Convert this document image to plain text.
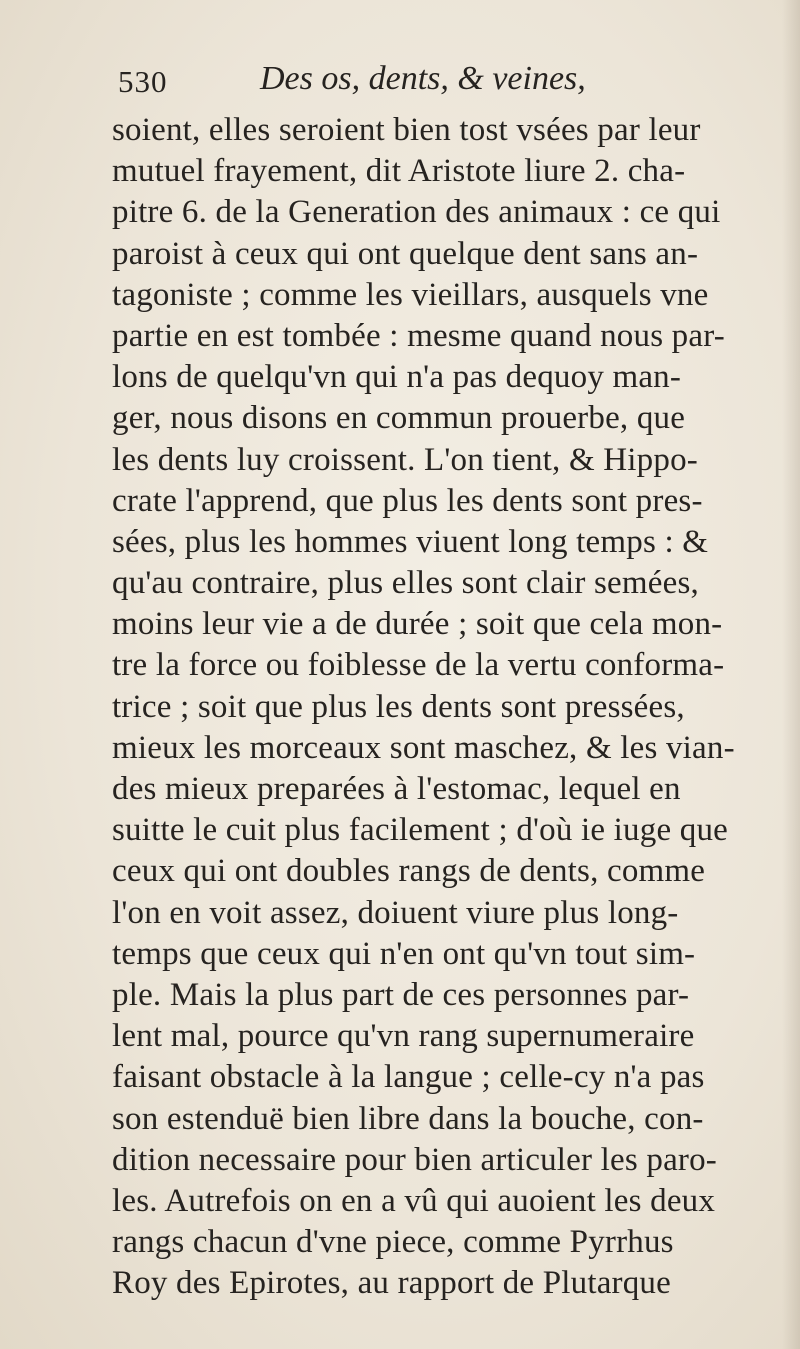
530	Des os, dents, & veines,
soient, elles seroient bien tost vsées par leur
mutuel frayement, dit Aristote liure 2. cha-
pitre 6. de la Generation des animaux : ce qui
paroist à ceux qui ont quelque dent sans an-
tagoniste ; comme les vieillars, ausquels vne
partie en est tombée : mesme quand nous par-
lons de quelqu'vn qui n'a pas dequoy man-
ger, nous disons en commun prouerbe, que
les dents luy croissent. L'on tient, & Hippo-
crate l'apprend, que plus les dents sont pres-
sées, plus les hommes viuent long temps : &
qu'au contraire, plus elles sont clair semées,
moins leur vie a de durée ; soit que cela mon-
tre la force ou foiblesse de la vertu conforma-
trice ; soit que plus les dents sont pressées,
mieux les morceaux sont maschez, & les vian-
des mieux preparées à l'estomac, lequel en
suitte le cuit plus facilement ; d'où ie iuge que
ceux qui ont doubles rangs de dents, comme
l'on en voit assez, doiuent viure plus long-
temps que ceux qui n'en ont qu'vn tout sim-
ple. Mais la plus part de ces personnes par-
lent mal, pource qu'vn rang supernumeraire
faisant obstacle à la langue ; celle-cy n'a pas
son estenduë bien libre dans la bouche, con-
dition necessaire pour bien articuler les paro-
les. Autrefois on en a vû qui auoient les deux
rangs chacun d'vne piece, comme Pyrrhus
Roy des Epirotes, au rapport de Plutarque
